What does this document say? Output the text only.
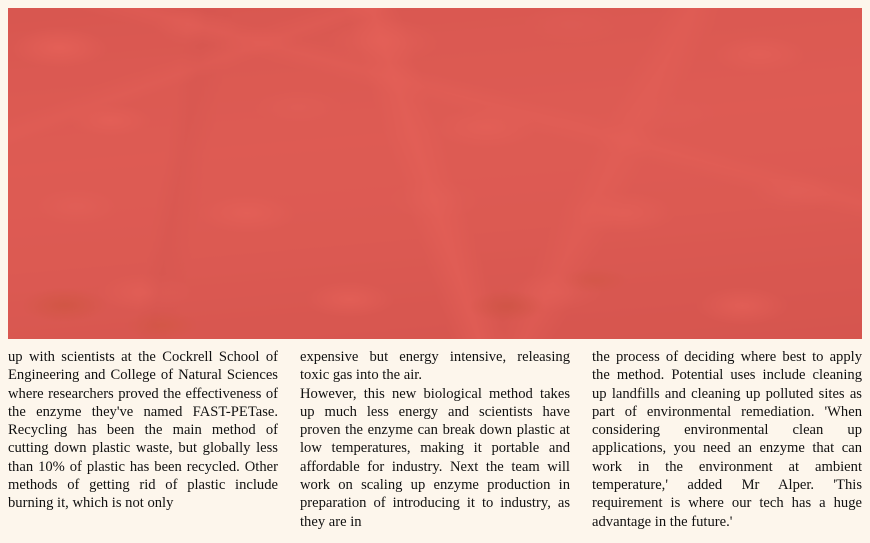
up with scientists at the Cockrell School of Engineering and College of Natural Sciences where researchers proved the effectiveness of the enzyme they've named FAST-PETase. Recycling has been the main method of cutting down plastic waste, but globally less than 10% of plastic has been recycled. Other methods of getting rid of plastic include burning it, which is not only

expensive but energy intensive, releasing toxic gas into the air.

However, this new biological method takes up much less energy and scientists have proven the enzyme can break down plastic at low temperatures, making it portable and affordable for industry. Next the team will work on scaling up enzyme production in preparation of introducing it to industry, as they are in

the process of deciding where best to apply the method. Potential uses include cleaning up landfills and cleaning up polluted sites as part of environmental remediation. 'When considering environmental clean up applications, you need an enzyme that can work in the environment at ambient temperature,' added Mr Alper. 'This requirement is where our tech has a huge advantage in the future.'
